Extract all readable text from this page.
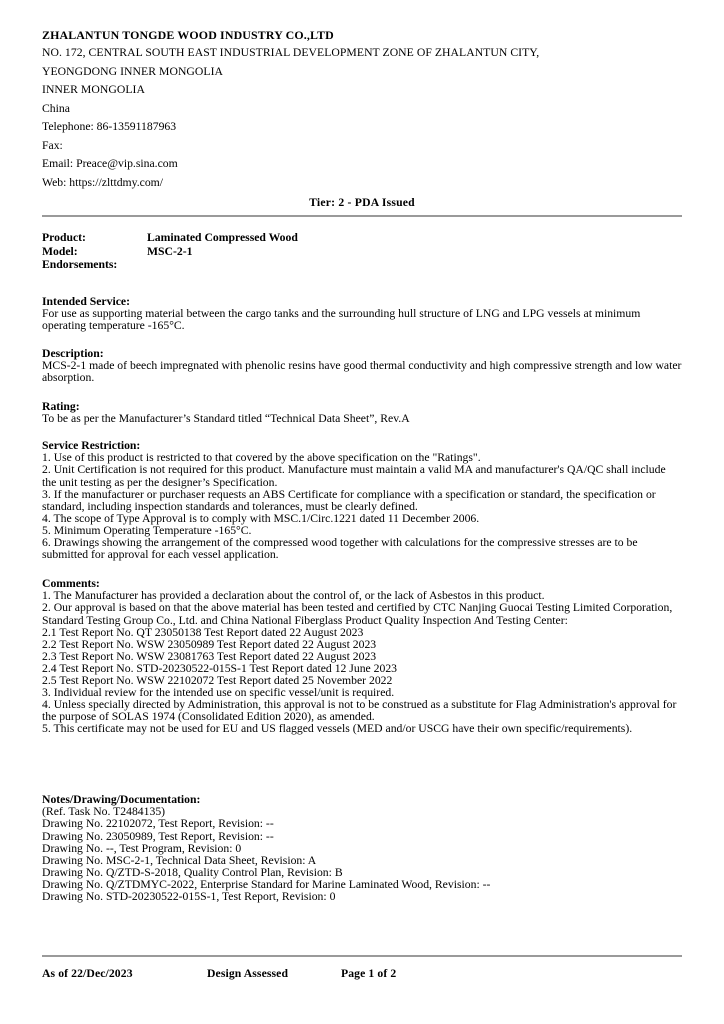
ZHALANTUN TONGDE WOOD INDUSTRY CO.,LTD
NO. 172, CENTRAL SOUTH EAST INDUSTRIAL DEVELOPMENT ZONE OF ZHALANTUN CITY,
YEONGDONG INNER MONGOLIA
INNER MONGOLIA
China
Telephone: 86-13591187963
Fax:
Email: Preace@vip.sina.com
Web: https://zlttdmy.com/
Tier: 2 - PDA Issued
Product:	Laminated Compressed Wood
Model:	MSC-2-1
Endorsements:
Intended Service:
For use as supporting material between the cargo tanks and the surrounding hull structure of LNG and LPG vessels at minimum operating temperature -165°C.
Description:
MCS-2-1 made of beech impregnated with phenolic resins have good thermal conductivity and high compressive strength and low water absorption.
Rating:
To be as per the Manufacturer’s Standard titled “Technical Data Sheet”, Rev.A
Service Restriction:
1. Use of this product is restricted to that covered by the above specification on the "Ratings".
2. Unit Certification is not required for this product. Manufacture must maintain a valid MA and manufacturer's QA/QC shall include the unit testing as per the designer’s Specification.
3. If the manufacturer or purchaser requests an ABS Certificate for compliance with a specification or standard, the specification or standard, including inspection standards and tolerances, must be clearly defined.
4. The scope of Type Approval is to comply with MSC.1/Circ.1221 dated 11 December 2006.
5. Minimum Operating Temperature -165°C.
6. Drawings showing the arrangement of the compressed wood together with calculations for the compressive stresses are to be submitted for approval for each vessel application.
Comments:
1. The Manufacturer has provided a declaration about the control of, or the lack of Asbestos in this product.
2. Our approval is based on that the above material has been tested and certified by CTC Nanjing Guocai Testing Limited Corporation, Standard Testing Group Co., Ltd. and China National Fiberglass Product Quality Inspection And Testing Center:
2.1 Test Report No. QT 23050138 Test Report dated 22 August 2023
2.2 Test Report No. WSW 23050989 Test Report dated 22 August 2023
2.3 Test Report No. WSW 23081763 Test Report dated 22 August 2023
2.4 Test Report No. STD-20230522-015S-1 Test Report dated 12 June 2023
2.5 Test Report No. WSW 22102072 Test Report dated 25 November 2022
3. Individual review for the intended use on specific vessel/unit is required.
4. Unless specially directed by Administration, this approval is not to be construed as a substitute for Flag Administration's approval for the purpose of SOLAS 1974 (Consolidated Edition 2020), as amended.
5. This certificate may not be used for EU and US flagged vessels (MED and/or USCG have their own specific/requirements).
Notes/Drawing/Documentation:
(Ref. Task No. T2484135)
Drawing No. 22102072, Test Report, Revision: --
Drawing No. 23050989, Test Report, Revision: --
Drawing No. --, Test Program, Revision: 0
Drawing No. MSC-2-1, Technical Data Sheet, Revision: A
Drawing No. Q/ZTD-S-2018, Quality Control Plan, Revision: B
Drawing No. Q/ZTDMYC-2022, Enterprise Standard for Marine Laminated Wood, Revision: --
Drawing No. STD-20230522-015S-1, Test Report, Revision: 0
As of 22/Dec/2023	Design Assessed	Page 1 of 2
